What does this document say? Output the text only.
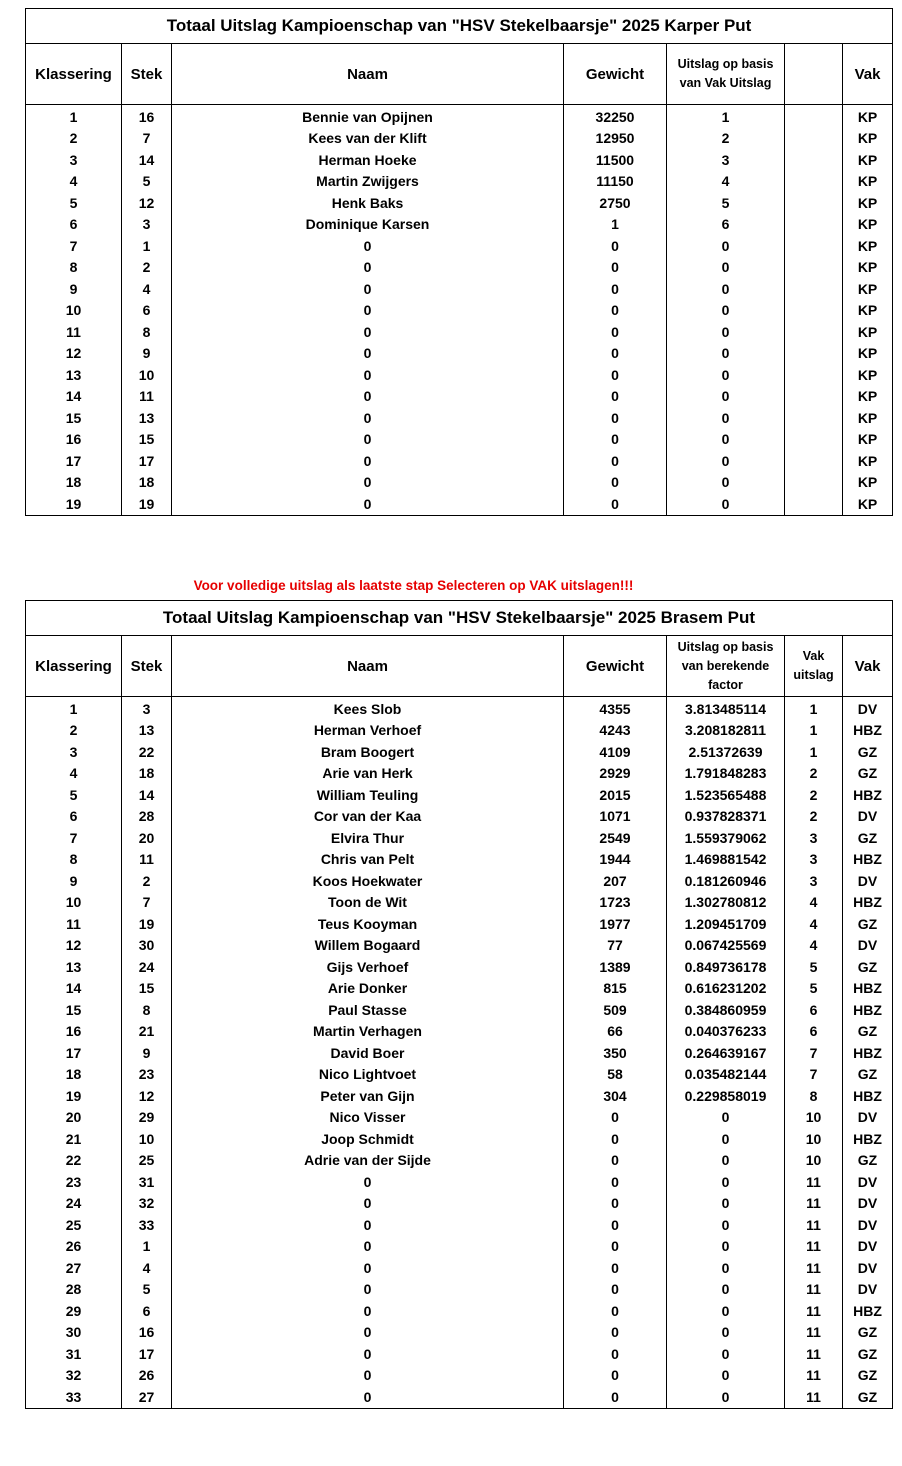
Totaal Uitslag Kampioenschap van "HSV Stekelbaarsje" 2025 Karper Put						
Klassering	Stek	Naam	Gewicht	Uitslag op basis van Vak Uitslag		Vak
1	16	Bennie van Opijnen	32250	1		KP
2	7	Kees van der Klift	12950	2		KP
3	14	Herman Hoeke	11500	3		KP
4	5	Martin Zwijgers	11150	4		KP
5	12	Henk Baks	2750	5		KP
6	3	Dominique Karsen	1	6		KP
7	1	0	0	0		KP
8	2	0	0	0		KP
9	4	0	0	0		KP
10	6	0	0	0		KP
11	8	0	0	0		KP
12	9	0	0	0		KP
13	10	0	0	0		KP
14	11	0	0	0		KP
15	13	0	0	0		KP
16	15	0	0	0		KP
17	17	0	0	0		KP
18	18	0	0	0		KP
19	19	0	0	0		KP
Voor volledige uitslag als laatste stap Selecteren op VAK uitslagen!!!
Totaal Uitslag Kampioenschap van "HSV Stekelbaarsje" 2025 Brasem Put						
Klassering	Stek	Naam	Gewicht	Uitslag op basis van berekende factor	Vak uitslag	Vak
1	3	Kees Slob	4355	3.813485114	1	DV
2	13	Herman Verhoef	4243	3.208182811	1	HBZ
3	22	Bram Boogert	4109	2.51372639	1	GZ
4	18	Arie van Herk	2929	1.791848283	2	GZ
5	14	William Teuling	2015	1.523565488	2	HBZ
6	28	Cor van der Kaa	1071	0.937828371	2	DV
7	20	Elvira Thur	2549	1.559379062	3	GZ
8	11	Chris van Pelt	1944	1.469881542	3	HBZ
9	2	Koos Hoekwater	207	0.181260946	3	DV
10	7	Toon de Wit	1723	1.302780812	4	HBZ
11	19	Teus Kooyman	1977	1.209451709	4	GZ
12	30	Willem Bogaard	77	0.067425569	4	DV
13	24	Gijs Verhoef	1389	0.849736178	5	GZ
14	15	Arie Donker	815	0.616231202	5	HBZ
15	8	Paul Stasse	509	0.384860959	6	HBZ
16	21	Martin Verhagen	66	0.040376233	6	GZ
17	9	David Boer	350	0.264639167	7	HBZ
18	23	Nico Lightvoet	58	0.035482144	7	GZ
19	12	Peter van Gijn	304	0.229858019	8	HBZ
20	29	Nico Visser	0	0	10	DV
21	10	Joop Schmidt	0	0	10	HBZ
22	25	Adrie van der Sijde	0	0	10	GZ
23	31	0	0	0	11	DV
24	32	0	0	0	11	DV
25	33	0	0	0	11	DV
26	1	0	0	0	11	DV
27	4	0	0	0	11	DV
28	5	0	0	0	11	DV
29	6	0	0	0	11	HBZ
30	16	0	0	0	11	GZ
31	17	0	0	0	11	GZ
32	26	0	0	0	11	GZ
33	27	0	0	0	11	GZ
